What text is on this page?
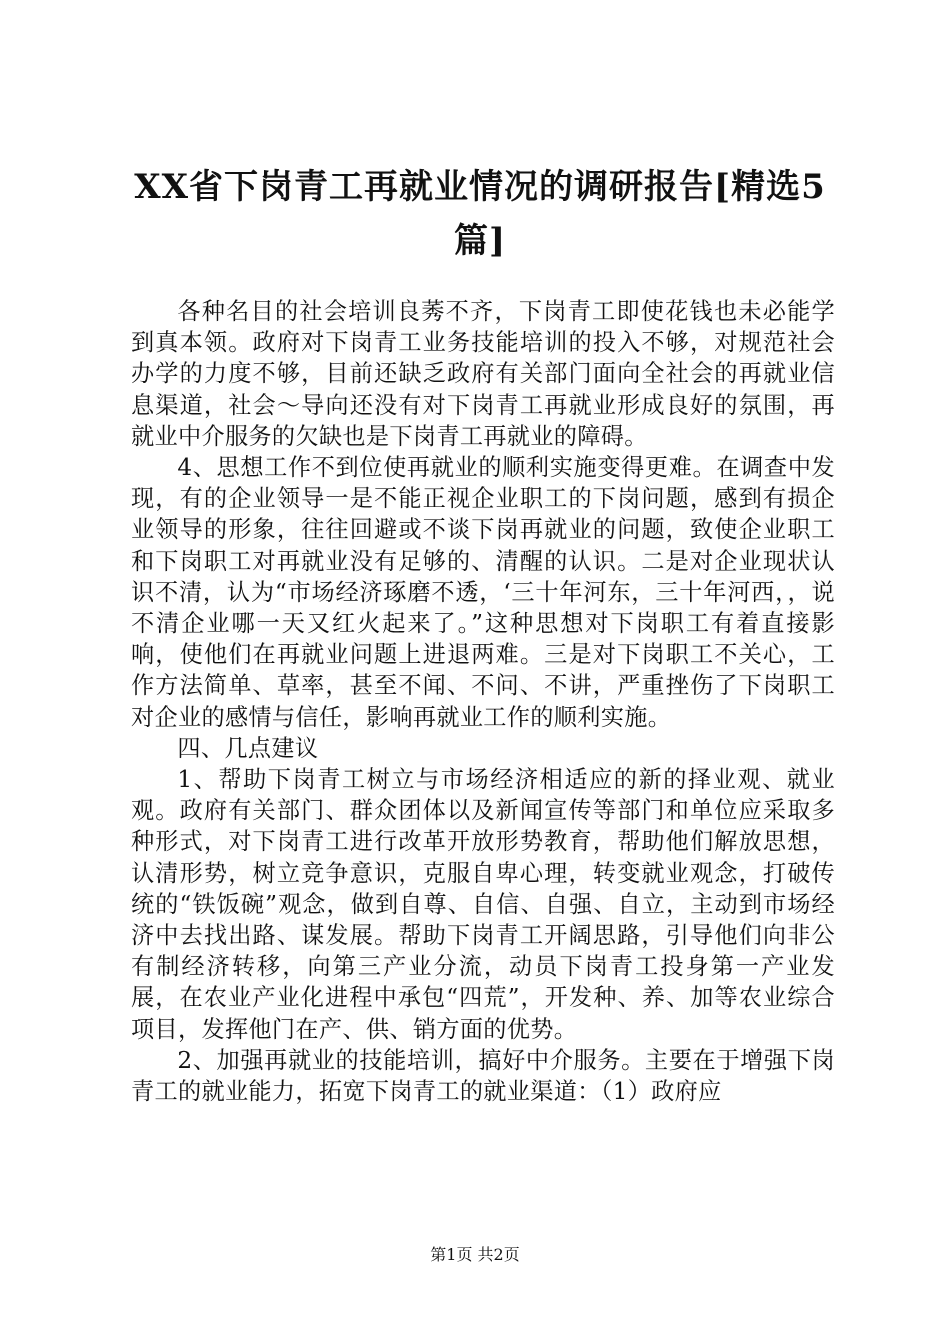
XX省下岗青工再就业情况的调研报告[精选5篇]

各种名目的社会培训良莠不齐，下岗青工即使花钱也未必能学到真本领。政府对下岗青工业务技能培训的投入不够，对规范社会办学的力度不够，目前还缺乏政府有关部门面向全社会的再就业信息渠道，社会～导向还没有对下岗青工再就业形成良好的氛围，再就业中介服务的欠缺也是下岗青工再就业的障碍。

4、思想工作不到位使再就业的顺利实施变得更难。在调查中发现，有的企业领导一是不能正视企业职工的下岗问题，感到有损企业领导的形象，往往回避或不谈下岗再就业的问题，致使企业职工和下岗职工对再就业没有足够的、清醒的认识。二是对企业现状认识不清，认为“市场经济琢磨不透，‘三十年河东，三十年河西，，说不清企业哪一天又红火起来了。”这种思想对下岗职工有着直接影响，使他们在再就业问题上进退两难。三是对下岗职工不关心，工作方法简单、草率，甚至不闻、不问、不讲，严重挫伤了下岗职工对企业的感情与信任，影响再就业工作的顺利实施。

四、几点建议

1、帮助下岗青工树立与市场经济相适应的新的择业观、就业观。政府有关部门、群众团体以及新闻宣传等部门和单位应采取多种形式，对下岗青工进行改革开放形势教育，帮助他们解放思想，认清形势，树立竞争意识，克服自卑心理，转变就业观念，打破传统的“铁饭碗”观念，做到自尊、自信、自强、自立，主动到市场经济中去找出路、谋发展。帮助下岗青工开阔思路，引导他们向非公有制经济转移，向第三产业分流，动员下岗青工投身第一产业发展，在农业产业化进程中承包“四荒”，开发种、养、加等农业综合项目，发挥他门在产、供、销方面的优势。

2、加强再就业的技能培训，搞好中介服务。主要在于增强下岗青工的就业能力，拓宽下岗青工的就业渠道：（1）政府应

第1页 共2页
